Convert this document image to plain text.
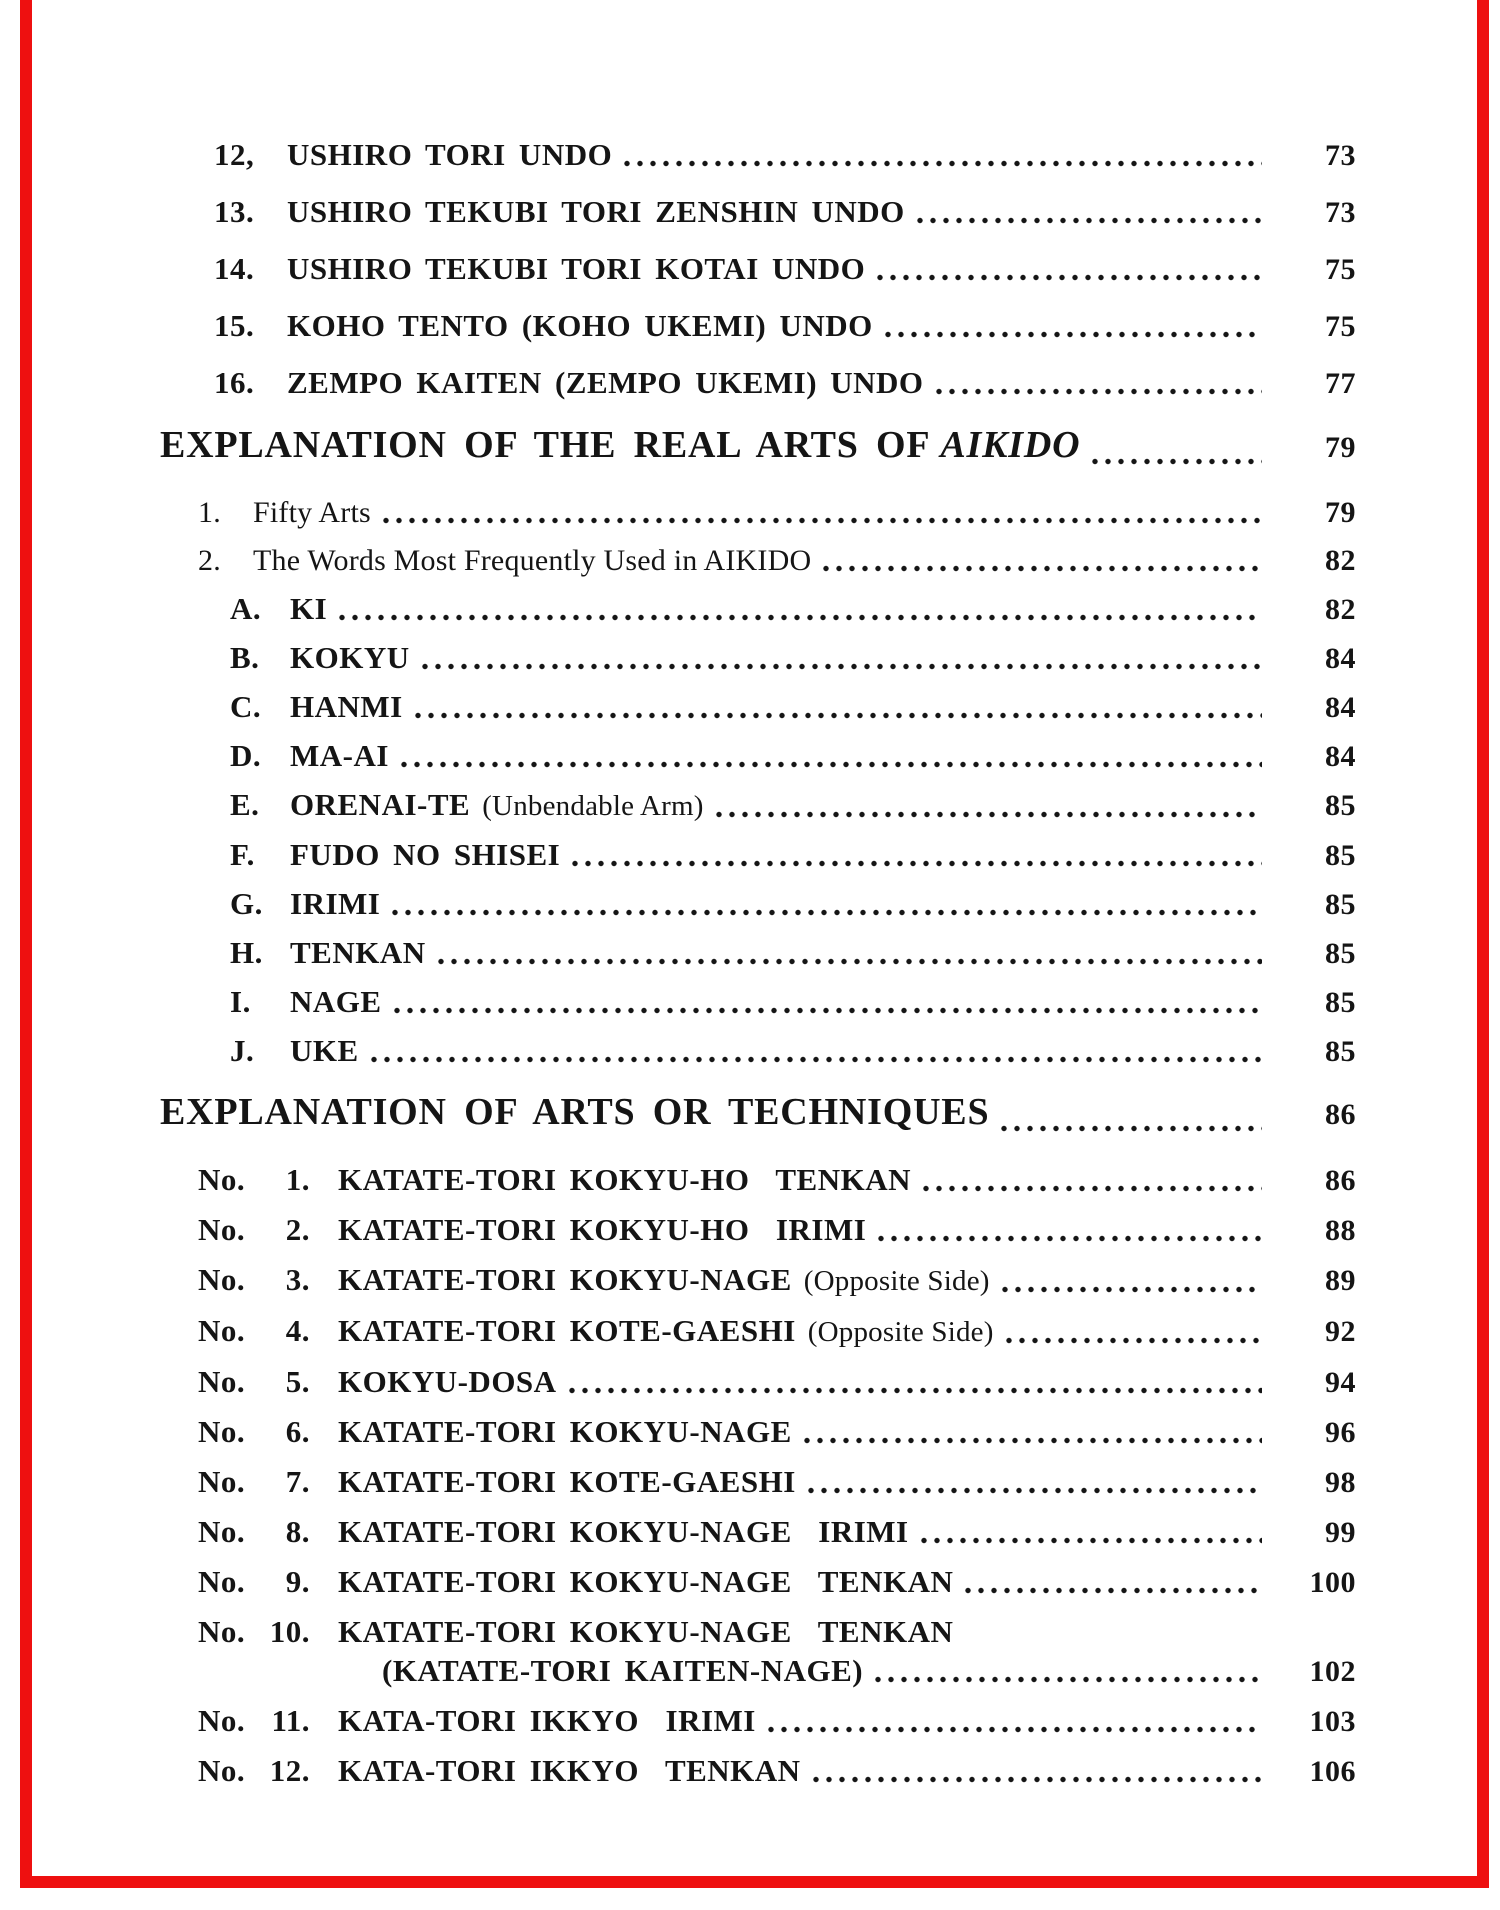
12,	USHIRO TORI UNDO	73
13.	USHIRO TEKUBI TORI ZENSHIN UNDO	73
14.	USHIRO TEKUBI TORI KOTAI UNDO	75
15.	KOHO TENTO (KOHO UKEMI) UNDO	75
16.	ZEMPO KAITEN (ZEMPO UKEMI) UNDO	77
EXPLANATION OF THE REAL ARTS OF AIKIDO	79
1.	Fifty Arts	79
2.	The Words Most Frequently Used in AIKIDO	82
A. KI	82
B. KOKYU	84
C. HANMI	84
D. MA-AI	84
E. ORENAI-TE (Unbendable Arm)	85
F.	FUDO NO SHISEI	85
G. IRIMI	85
H. TENKAN	85
I.	NAGE	85
J.	UKE	85
EXPLANATION OF ARTS OR TECHNIQUES	86
No.	1. KATATE-TORI KOKYU-HO  TENKAN	86
No.	2. KATATE-TORI KOKYU-HO  IRIMI	88
No.	3. KATATE-TORI KOKYU-NAGE (Opposite Side)	89
No.	4. KATATE-TORI KOTE-GAESHI (Opposite Side)	92
No.	5. KOKYU-DOSA	94
No.	6. KATATE-TORI KOKYU-NAGE	96
No.	7. KATATE-TORI KOTE-GAESHI	98
No.	8. KATATE-TORI KOKYU-NAGE  IRIMI	99
No.	9. KATATE-TORI KOKYU-NAGE  TENKAN	100
No. 10. KATATE-TORI KOKYU-NAGE  TENKAN
(KATATE-TORI KAITEN-NAGE)	102
No. 11. KATA-TORI IKKYO  IRIMI	103
No. 12. KATA-TORI IKKYO  TENKAN	106
